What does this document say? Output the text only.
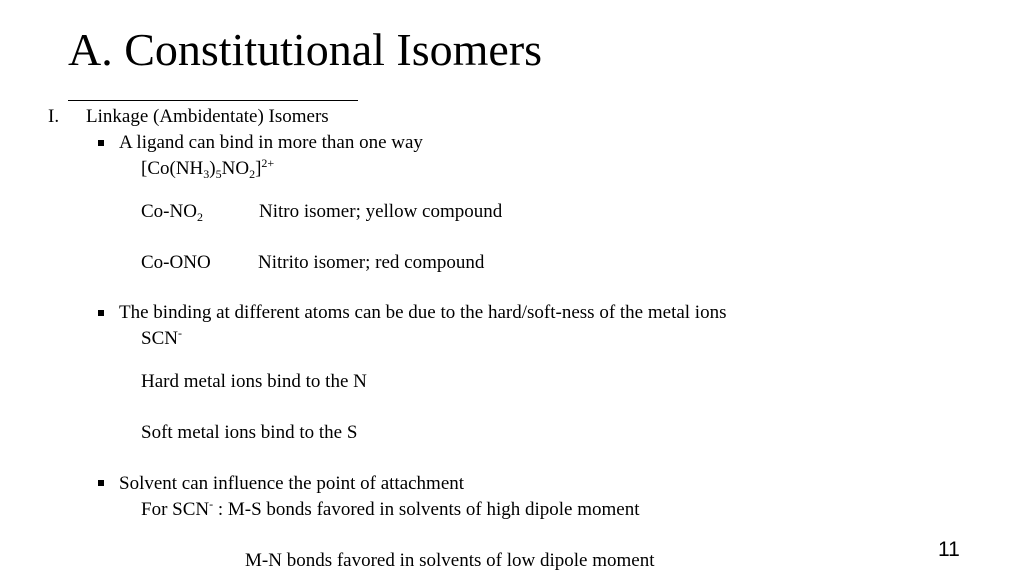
A. Constitutional Isomers
I. Linkage (Ambidentate) Isomers
A ligand can bind in more than one way
$[Co(NH_3)_5NO_2]^{2+}$
$Co-NO_2$	Nitro isomer; yellow compound
Co-ONO Nitrito isomer; red compound
The binding at different atoms can be due to the hard/soft-ness of the metal ions
SCN-
Hard metal ions bind to the N
Soft metal ions bind to the S
Solvent can influence the point of attachment
For SCN- : M-S bonds favored in solvents of high dipole moment
M-N bonds favored in solvents of low dipole moment	11
